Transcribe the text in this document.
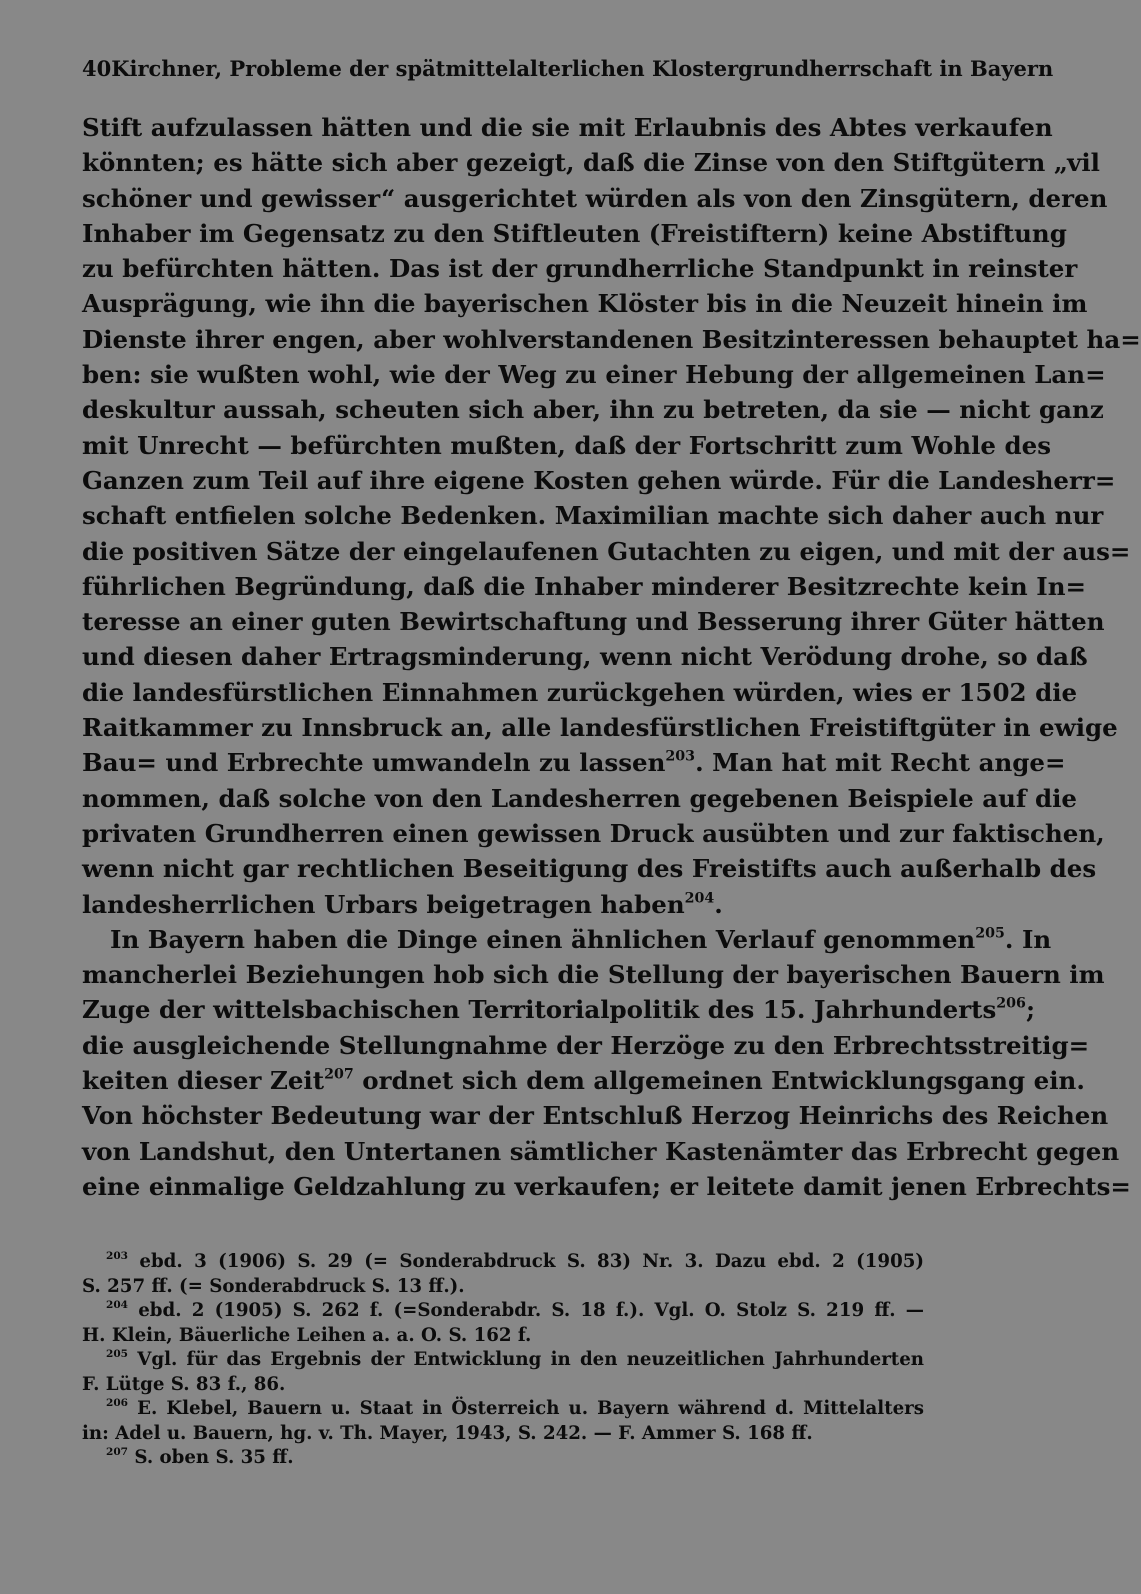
40 Kirchner, Probleme der spätmittelalterlichen Klostergrundherrschaft in Bayern
Stift aufzulassen hätten und die sie mit Erlaubnis des Abtes verkaufen
könnten; es hätte sich aber gezeigt, daß die Zinse von den Stiftgütern „vil
schöner und gewisser“ ausgerichtet würden als von den Zinsgütern, deren
Inhaber im Gegensatz zu den Stiftleuten (Freistiftern) keine Abstiftung
zu befürchten hätten. Das ist der grundherrliche Standpunkt in reinster
Ausprägung, wie ihn die bayerischen Klöster bis in die Neuzeit hinein im
Dienste ihrer engen, aber wohlverstandenen Besitzinteressen behauptet ha=
ben: sie wußten wohl, wie der Weg zu einer Hebung der allgemeinen Lan=
deskultur aussah, scheuten sich aber, ihn zu betreten, da sie — nicht ganz
mit Unrecht — befürchten mußten, daß der Fortschritt zum Wohle des
Ganzen zum Teil auf ihre eigene Kosten gehen würde. Für die Landesherr=
schaft entfielen solche Bedenken. Maximilian machte sich daher auch nur
die positiven Sätze der eingelaufenen Gutachten zu eigen, und mit der aus=
führlichen Begründung, daß die Inhaber minderer Besitzrechte kein In=
teresse an einer guten Bewirtschaftung und Besserung ihrer Güter hätten
und diesen daher Ertragsminderung, wenn nicht Verödung drohe, so daß
die landesfürstlichen Einnahmen zurückgehen würden, wies er 1502 die
Raitkammer zu Innsbruck an, alle landesfürstlichen Freistiftgüter in ewige
Bau= und Erbrechte umwandeln zu lassen$^{203}$. Man hat mit Recht ange=
nommen, daß solche von den Landesherren gegebenen Beispiele auf die
privaten Grundherren einen gewissen Druck ausübten und zur faktischen,
wenn nicht gar rechtlichen Beseitigung des Freistifts auch außerhalb des
landesherrlichen Urbars beigetragen haben$^{204}$.
In Bayern haben die Dinge einen ähnlichen Verlauf genommen$^{205}$. In
mancherlei Beziehungen hob sich die Stellung der bayerischen Bauern im
Zuge der wittelsbachischen Territorialpolitik des 15. Jahrhunderts$^{206}$;
die ausgleichende Stellungnahme der Herzöge zu den Erbrechtsstreitig=
keiten dieser Zeit$^{207}$ ordnet sich dem allgemeinen Entwicklungsgang ein.
Von höchster Bedeutung war der Entschluß Herzog Heinrichs des Reichen
von Landshut, den Untertanen sämtlicher Kastenämter das Erbrecht gegen
eine einmalige Geldzahlung zu verkaufen; er leitete damit jenen Erbrechts=
$^{203}$ ebd. 3 (1906) S. 29 (= Sonderabdruck S. 83) Nr. 3. Dazu ebd. 2 (1905)
S. 257 ff. (= Sonderabdruck S. 13 ff.).
$^{204}$ ebd. 2 (1905) S. 262 f. (=Sonderabdr. S. 18 f.). Vgl. O. Stolz S. 219 ff. —
H. Klein, Bäuerliche Leihen a. a. O. S. 162 f.
$^{205}$ Vgl. für das Ergebnis der Entwicklung in den neuzeitlichen Jahrhunderten
F. Lütge S. 83 f., 86.
$^{206}$ E. Klebel, Bauern u. Staat in Österreich u. Bayern während d. Mittelalters
in: Adel u. Bauern, hg. v. Th. Mayer, 1943, S. 242. — F. Ammer S. 168 ff.
$^{207}$ S. oben S. 35 ff.
